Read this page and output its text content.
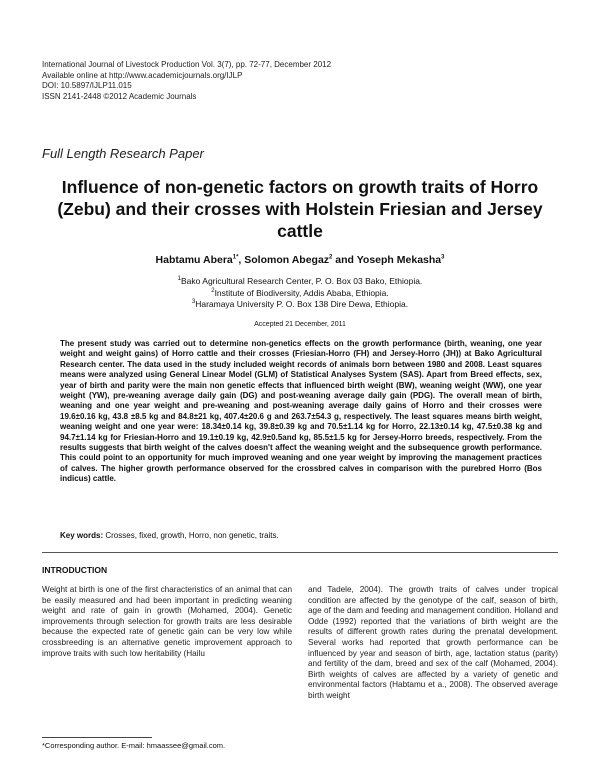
International Journal of Livestock Production Vol. 3(7), pp. 72-77, December 2012
Available online at http://www.academicjournals.org/IJLP
DOI: 10.5897/IJLP11.015
ISSN 2141-2448 ©2012 Academic Journals
Full Length Research Paper
Influence of non-genetic factors on growth traits of Horro (Zebu) and their crosses with Holstein Friesian and Jersey cattle
Habtamu Abera$^{1*}$, Solomon Abegaz$^2$ and Yoseph Mekasha$^3$
$^1$Bako Agricultural Research Center, P. O. Box 03 Bako, Ethiopia.
$^2$Institute of Biodiversity, Addis Ababa, Ethiopia.
$^3$Haramaya University P. O. Box 138 Dire Dewa, Ethiopia.
Accepted 21 December, 2011
The present study was carried out to determine non-genetics effects on the growth performance (birth, weaning, one year weight and weight gains) of Horro cattle and their crosses (Friesian-Horro (FH) and Jersey-Horro (JH)) at Bako Agricultural Research center. The data used in the study included weight records of animals born between 1980 and 2008. Least squares means were analyzed using General Linear Model (GLM) of Statistical Analyses System (SAS). Apart from Breed effects, sex, year of birth and parity were the main non genetic effects that influenced birth weight (BW), weaning weight (WW), one year weight (YW), pre-weaning average daily gain (DG) and post-weaning average daily gain (PDG). The overall mean of birth, weaning and one year weight and pre-weaning and post-weaning average daily gains of Horro and their crosses were 19.6±0.16 kg, 43.8 ±8.5 kg and 84.8±21 kg, 407.4±20.6 g and 263.7±54.3 g, respectively. The least squares means birth weight, weaning weight and one year were: 18.34±0.14 kg, 39.8±0.39 kg and 70.5±1.14 kg for Horro, 22.13±0.14 kg, 47.5±0.38 kg and 94.7±1.14 kg for Friesian-Horro and 19.1±0.19 kg, 42.9±0.5and kg, 85.5±1.5 kg for Jersey-Horro breeds, respectively. From the results suggests that birth weight of the calves doesn't affect the weaning weight and the subsequence growth performance. This could point to an opportunity for much improved weaning and one year weight by improving the management practices of calves. The higher growth performance observed for the crossbred calves in comparison with the purebred Horro (Bos indicus) cattle.
Key words: Crosses, fixed, growth, Horro, non genetic, traits.
INTRODUCTION
Weight at birth is one of the first characteristics of an animal that can be easily measured and had been important in predicting weaning weight and rate of gain in growth (Mohamed, 2004). Genetic improvements through selection for growth traits are less desirable because the expected rate of genetic gain can be very low while crossbreeding is an alternative genetic improvement approach to improve traits with such low heritability (Hailu
and Tadele, 2004). The growth traits of calves under tropical condition are affected by the genotype of the calf, season of birth, age of the dam and feeding and management condition. Holland and Odde (1992) reported that the variations of birth weight are the results of different growth rates during the prenatal development. Several works had reported that growth performance can be influenced by year and season of birth, age, lactation status (parity) and fertility of the dam, breed and sex of the calf (Mohamed, 2004). Birth weights of calves are affected by a variety of genetic and environmental factors (Habtamu et a., 2008). The observed average birth weight
*Corresponding author. E-mail: hmaassee@gmail.com.
